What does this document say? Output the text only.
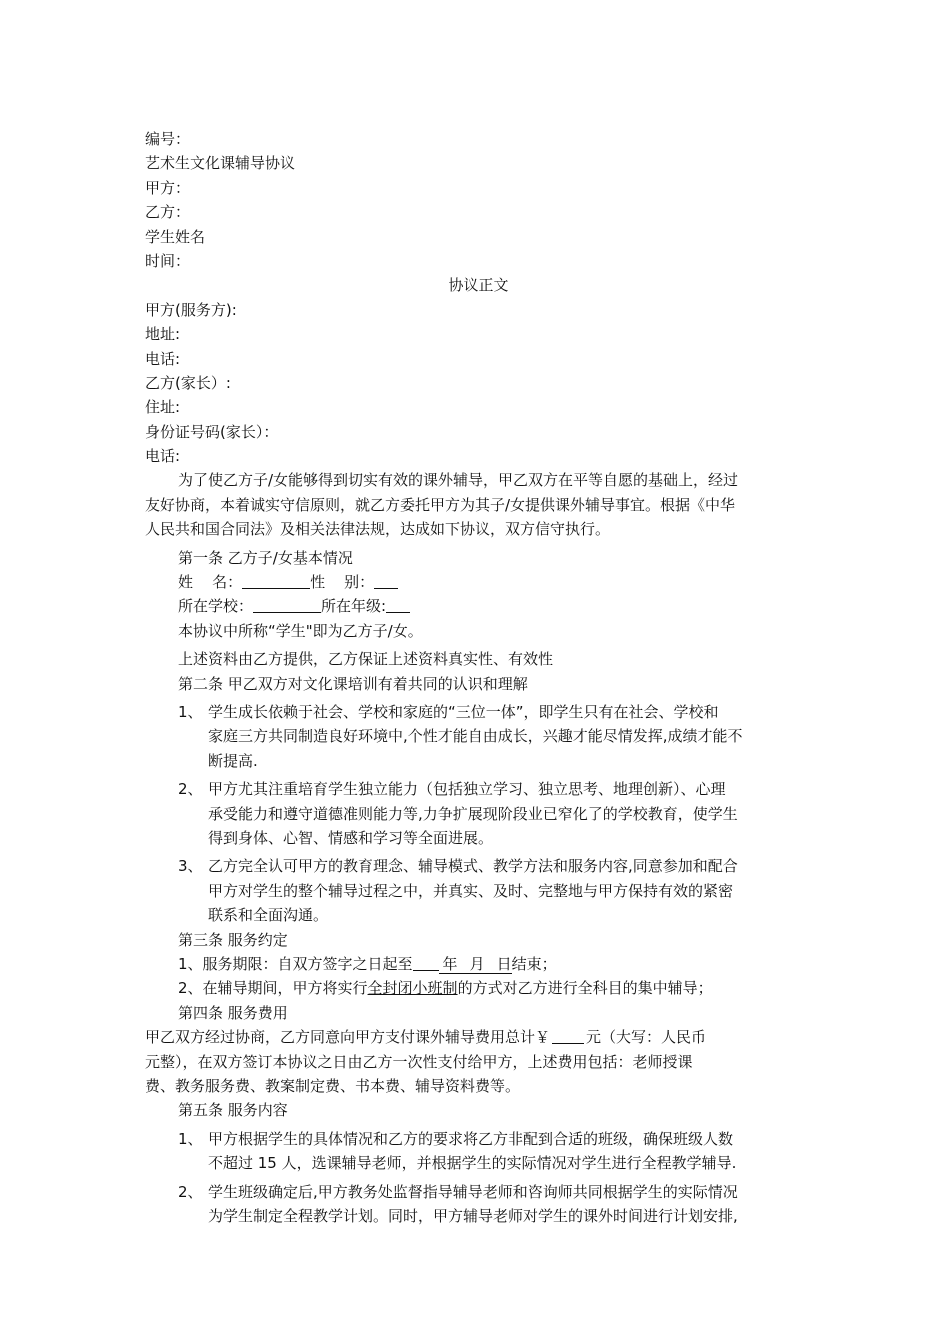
编号：
艺术生文化课辅导协议
甲方：
乙方：
学生姓名
时间：
协议正文
甲方(服务方):
地址:
电话:
乙方(家长）:
住址:
身份证号码(家长）：
电话:
为了使乙方子/女能够得到切实有效的课外辅导，甲乙双方在平等自愿的基础上，经过
友好协商，本着诚实守信原则，就乙方委托甲方为其子/女提供课外辅导事宜。根据《中华
人民共和国合同法》及相关法律法规，达成如下协议，双方信守执行。
第一条 乙方子/女基本情况
姓    名：	性    别：
所在学校：	所在年级:
本协议中所称“学生"即为乙方子/女。
上述资料由乙方提供，乙方保证上述资料真实性、有效性
第二条 甲乙双方对文化课培训有着共同的认识和理解
1、 学生成长依赖于社会、学校和家庭的“三位一体”，即学生只有在社会、学校和
家庭三方共同制造良好环境中,个性才能自由成长，兴趣才能尽情发挥,成绩才能不
断提高.
2、 甲方尤其注重培育学生独立能力（包括独立学习、独立思考、地理创新）、心理
承受能力和遵守道德准则能力等,力争扩展现阶段业已窄化了的学校教育，使学生
得到身体、心智、情感和学习等全面进展。
3、 乙方完全认可甲方的教育理念、辅导模式、教学方法和服务内容,同意参加和配合
甲方对学生的整个辅导过程之中，并真实、及时、完整地与甲方保持有效的紧密
联系和全面沟通。
第三条 服务约定
1、服务期限：自双方签字之日起至 年 月 日结束；
2、在辅导期间，甲方将实行全封闭小班制的方式对乙方进行全科目的集中辅导；
第四条 服务费用
甲乙双方经过协商，乙方同意向甲方支付课外辅导费用总计￥ 元（大写：人民币
元整），在双方签订本协议之日由乙方一次性支付给甲方，上述费用包括：老师授课
费、教务服务费、教案制定费、书本费、辅导资料费等。
第五条 服务内容
1、 甲方根据学生的具体情况和乙方的要求将乙方非配到合适的班级，确保班级人数
不超过 15 人，选课辅导老师，并根据学生的实际情况对学生进行全程教学辅导.
2、 学生班级确定后,甲方教务处监督指导辅导老师和咨询师共同根据学生的实际情况
为学生制定全程教学计划。同时，甲方辅导老师对学生的课外时间进行计划安排,
